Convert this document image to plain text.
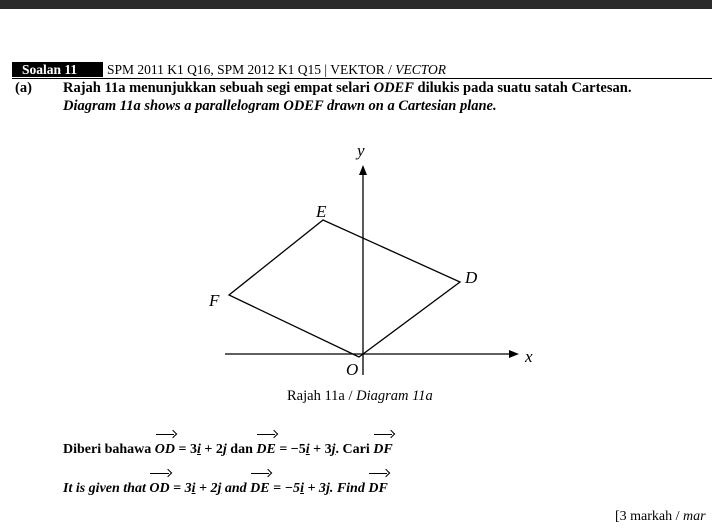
Soalan 11	SPM 2011 K1 Q16, SPM 2012 K1 Q15 | VEKTOR / VECTOR
(a) Rajah 11a menunjukkan sebuah segi empat selari ODEF dilukis pada suatu satah Cartesan.
Diagram 11a shows a parallelogram ODEF drawn on a Cartesian plane.
y
x
E
D
F
O
Rajah 11a / Diagram 11a
Diberi bahawa OD = 3i + 2j dan DE = −5i + 3j. Cari DF
It is given that OD = 3i + 2j and DE = −5i + 3j. Find DF
[3 markah / mar
